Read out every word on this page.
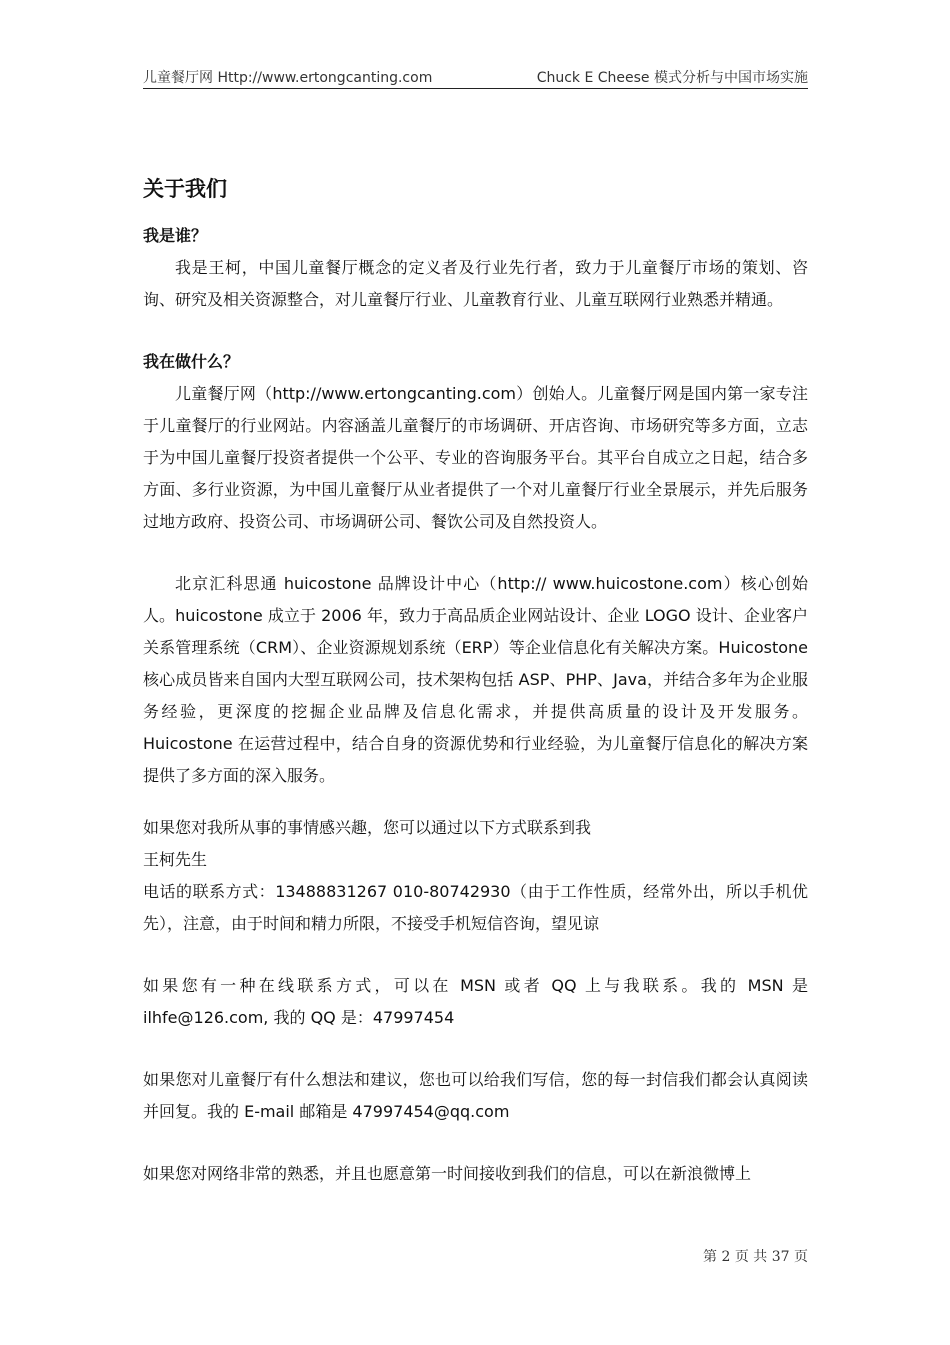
儿童餐厅网 Http://www.ertongcanting.com	Chuck E Cheese 模式分析与中国市场实施
关于我们

我是谁？

我是王柯，中国儿童餐厅概念的定义者及行业先行者，致力于儿童餐厅市场的策划、咨询、研究及相关资源整合，对儿童餐厅行业、儿童教育行业、儿童互联网行业熟悉并精通。

我在做什么？

儿童餐厅网（http://www.ertongcanting.com）创始人。儿童餐厅网是国内第一家专注于儿童餐厅的行业网站。内容涵盖儿童餐厅的市场调研、开店咨询、市场研究等多方面，立志于为中国儿童餐厅投资者提供一个公平、专业的咨询服务平台。其平台自成立之日起，结合多方面、多行业资源，为中国儿童餐厅从业者提供了一个对儿童餐厅行业全景展示，并先后服务过地方政府、投资公司、市场调研公司、餐饮公司及自然投资人。

北京汇科思通 huicostone 品牌设计中心（http:// www.huicostone.com）核心创始人。huicostone 成立于 2006 年，致力于高品质企业网站设计、企业 LOGO 设计、企业客户关系管理系统（CRM）、企业资源规划系统（ERP）等企业信息化有关解决方案。Huicostone 核心成员皆来自国内大型互联网公司，技术架构包括 ASP、PHP、Java，并结合多年为企业服务经验，更深度的挖掘企业品牌及信息化需求，并提供高质量的设计及开发服务。Huicostone 在运营过程中，结合自身的资源优势和行业经验，为儿童餐厅信息化的解决方案提供了多方面的深入服务。

如果您对我所从事的事情感兴趣，您可以通过以下方式联系到我

王柯先生

电话的联系方式：13488831267 010-80742930（由于工作性质，经常外出，所以手机优先），注意，由于时间和精力所限，不接受手机短信咨询，望见谅

如果您有一种在线联系方式，可以在 MSN 或者 QQ 上与我联系。我的 MSN 是 ilhfe@126.com, 我的 QQ 是：47997454

如果您对儿童餐厅有什么想法和建议，您也可以给我们写信，您的每一封信我们都会认真阅读并回复。我的 E-mail 邮箱是 47997454@qq.com

如果您对网络非常的熟悉，并且也愿意第一时间接收到我们的信息，可以在新浪微博上

第 2 页 共 37 页
